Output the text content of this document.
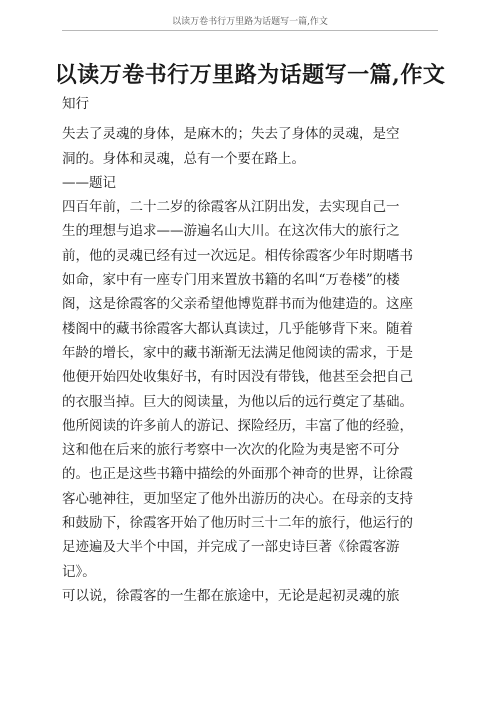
以读万卷书行万里路为话题写一篇,作文
以读万卷书行万里路为话题写一篇,作文

知行

失去了灵魂的身体，是麻木的；失去了身体的灵魂，是空

洞的。身体和灵魂，总有一个要在路上。

——题记

四百年前，二十二岁的徐霞客从江阴出发，去实现自己一

生的理想与追求——游遍名山大川。在这次伟大的旅行之

前，他的灵魂已经有过一次远足。相传徐霞客少年时期嗜书

如命，家中有一座专门用来置放书籍的名叫“万卷楼”的楼

阁，这是徐霞客的父亲希望他博览群书而为他建造的。这座

楼阁中的藏书徐霞客大都认真读过，几乎能够背下来。随着

年龄的增长，家中的藏书渐渐无法满足他阅读的需求，于是

他便开始四处收集好书，有时因没有带钱，他甚至会把自己

的衣服当掉。巨大的阅读量，为他以后的远行奠定了基础。

他所阅读的许多前人的游记、探险经历，丰富了他的经验，

这和他在后来的旅行考察中一次次的化险为夷是密不可分

的。也正是这些书籍中描绘的外面那个神奇的世界，让徐霞

客心驰神往，更加坚定了他外出游历的决心。在母亲的支持

和鼓励下，徐霞客开始了他历时三十二年的旅行，他运行的

足迹遍及大半个中国，并完成了一部史诗巨著《徐霞客游

记》。

可以说，徐霞客的一生都在旅途中，无论是起初灵魂的旅
